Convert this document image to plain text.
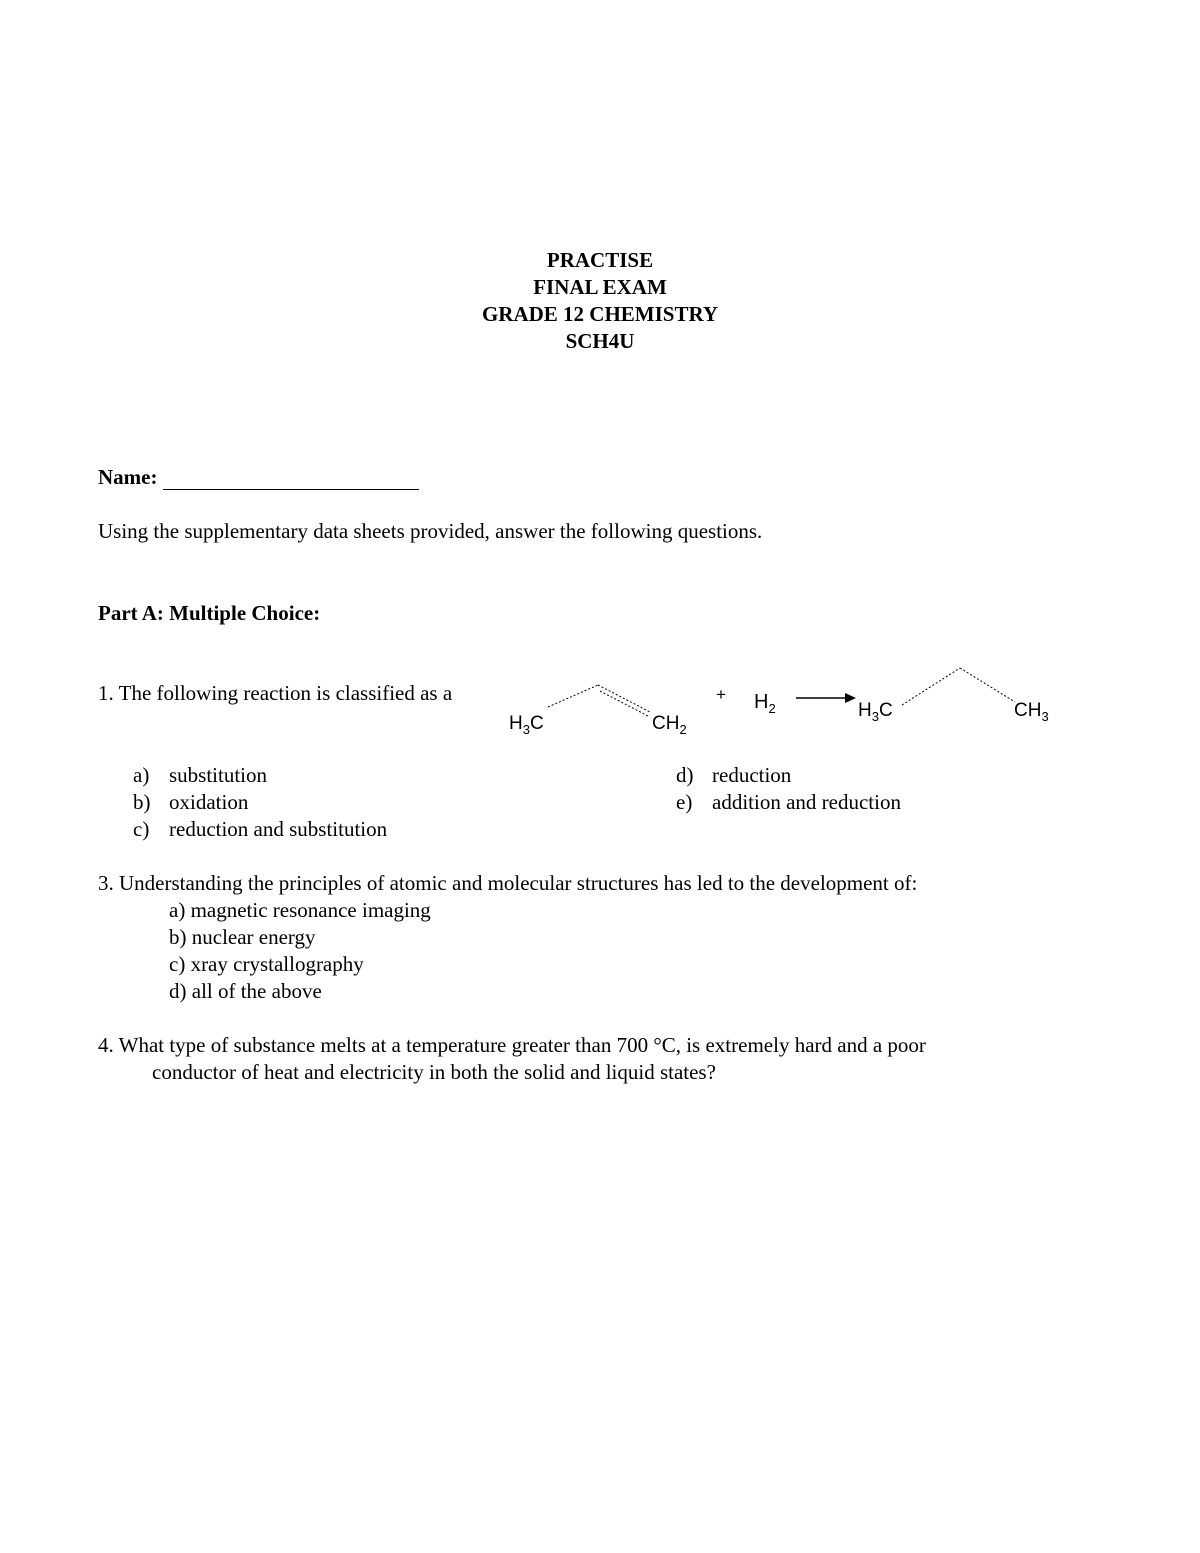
PRACTISE
FINAL EXAM
GRADE 12 CHEMISTRY
SCH4U
Name:
Using the supplementary data sheets provided, answer the following questions.
Part A: Multiple Choice:
1. The following reaction is classified as a
$H_3C$	$CH_2$
+ $H_2$	$H_3C$	$CH_3$
a) substitution
b) oxidation
c) reduction and substitution
d) reduction
e) addition and reduction
3. Understanding the principles of atomic and molecular structures has led to the development of:
a) magnetic resonance imaging
b) nuclear energy
c) xray crystallography
d) all of the above
4. What type of substance melts at a temperature greater than 700 °C, is extremely hard and a poor
conductor of heat and electricity in both the solid and liquid states?
